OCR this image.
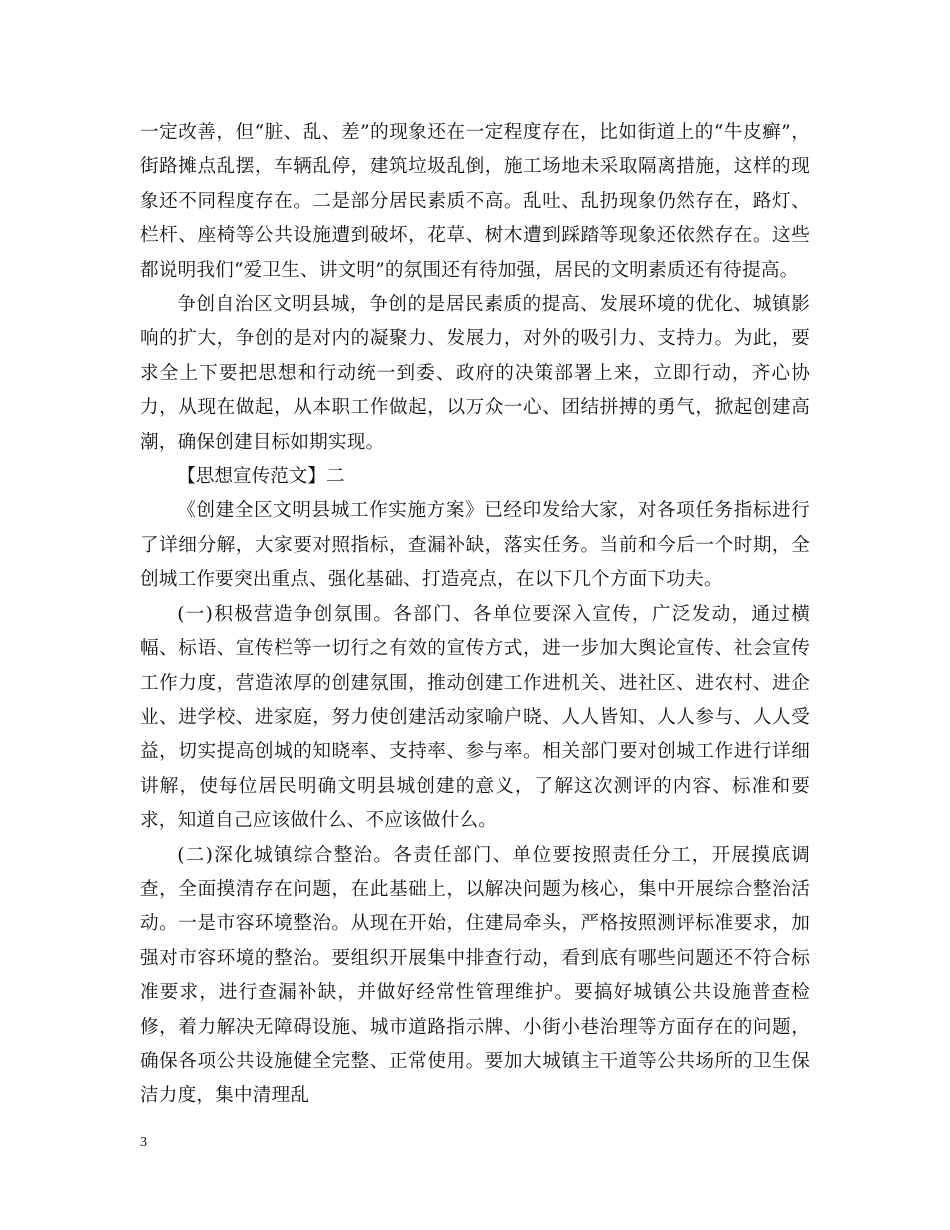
一定改善，但“脏、乱、差”的现象还在一定程度存在，比如街道上的“牛皮癣”，街路摊点乱摆，车辆乱停，建筑垃圾乱倒，施工场地未采取隔离措施，这样的现象还不同程度存在。二是部分居民素质不高。乱吐、乱扔现象仍然存在，路灯、栏杆、座椅等公共设施遭到破坏，花草、树木遭到踩踏等现象还依然存在。这些都说明我们“爱卫生、讲文明”的氛围还有待加强，居民的文明素质还有待提高。

争创自治区文明县城，争创的是居民素质的提高、发展环境的优化、城镇影响的扩大，争创的是对内的凝聚力、发展力，对外的吸引力、支持力。为此，要求全上下要把思想和行动统一到委、政府的决策部署上来，立即行动，齐心协力，从现在做起，从本职工作做起，以万众一心、团结拼搏的勇气，掀起创建高潮，确保创建目标如期实现。

【思想宣传范文】二

《创建全区文明县城工作实施方案》已经印发给大家，对各项任务指标进行了详细分解，大家要对照指标，查漏补缺，落实任务。当前和今后一个时期，全创城工作要突出重点、强化基础、打造亮点，在以下几个方面下功夫。

(一)积极营造争创氛围。各部门、各单位要深入宣传，广泛发动，通过横幅、标语、宣传栏等一切行之有效的宣传方式，进一步加大舆论宣传、社会宣传工作力度，营造浓厚的创建氛围，推动创建工作进机关、进社区、进农村、进企业、进学校、进家庭，努力使创建活动家喻户晓、人人皆知、人人参与、人人受益，切实提高创城的知晓率、支持率、参与率。相关部门要对创城工作进行详细讲解，使每位居民明确文明县城创建的意义，了解这次测评的内容、标准和要求，知道自己应该做什么、不应该做什么。

(二)深化城镇综合整治。各责任部门、单位要按照责任分工，开展摸底调查，全面摸清存在问题，在此基础上，以解决问题为核心，集中开展综合整治活动。一是市容环境整治。从现在开始，住建局牵头，严格按照测评标准要求，加强对市容环境的整治。要组织开展集中排查行动，看到底有哪些问题还不符合标准要求，进行查漏补缺，并做好经常性管理维护。要搞好城镇公共设施普查检修，着力解决无障碍设施、城市道路指示牌、小街小巷治理等方面存在的问题，确保各项公共设施健全完整、正常使用。要加大城镇主干道等公共场所的卫生保洁力度，集中清理乱

3
